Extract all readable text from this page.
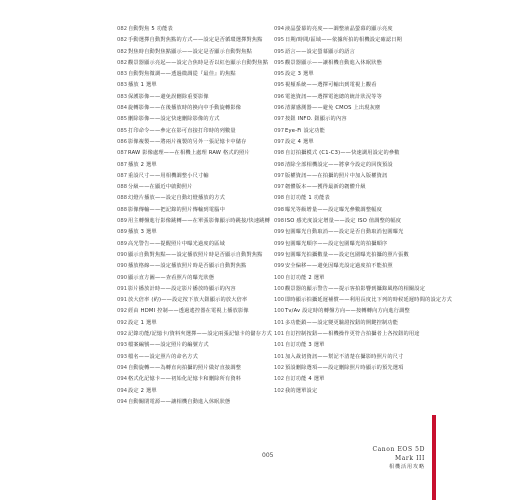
082 自動對焦 5 功能表
082 手動選擇自動對焦點的方式——設定是否循環選擇對焦點
082 對焦時自動對焦點顯示——設定是否顯示自動對焦點
082 觀景器顯示亮起——設定合焦時是否以紅色顯示自動對焦點
083 自動對焦微調——透過微調從『最佳』的焦點
083 播放 1 選單
083 保護影像——避免誤刪除重要影像
084 旋轉影像——在後播放時的換向中手動旋轉影像
085 刪除影像——設定快速刪除影像的方式
085 打印命令——參定在影可直接打印時的列數量
086 影像複製——將兩片複製的另外一張記憶卡中儲存
087 RAW 影像處理——在相機上處理 RAW 格式的照片
087 播放 2 選單
087 重設尺寸——用相機調整小尺寸輸
088 分級——在顯近中啟動照片
088 幻燈片播放——設定自動幻燈播放的方式
088 影像傳輸——把記錄的照片傳輸到電腦中
089 用主轉盤進行影像跳轉——在單張影像顯示時跳接/快速跳轉
089 播放 3 選單
089 高光警告——提醒照片中曝光過度的區域
090 顯示自動對焦點——設定播放照片時是否顯示自動對焦點
090 播放格線——設定播放照片時是否顯示自動對焦點
090 顯示直方圖——查看照片的曝光狀態
091 影片播放計時——設定影片播放時顯示的內容
091 放大倍率 (約)——設定按下放大鈕顯示的放大倍率
092 經由 HDMI 控制——透過遙控器在電視上播放影像
092 設定 1 選單
092 記錄功能/記憶卡/資料夾選擇——設定兩張記憶卡的儲存方式
093 檔案編號——設定照片的編號方式
093 檔名——設定照片的命名方式
094 自動旋轉——為轉直向拍攝的照片做好直接調整
094 格式化記憶卡——初始化記憶卡和刪除所有資料
094 設定 2 選單
094 自動關閉電源——讓相機自動進入休眠狀態
094 液晶螢幕的亮度——調整液晶螢幕的顯示亮度
095 日期/時間/區域——依據所拍的相機設定確認日期
095 語言——設定螢幕顯示的語言
095 觀景器顯示——讓相機自動進入休眠狀態
095 設定 3 選單
095 視頻系統——選擇可輸出到電視上觀看
096 電池資訊——選擇電池總的統計狀況等等
096 清潔感測器——避免 CMOS 上出現灰塵
097 按鈕 INFO. 鈕顯示的內容
097 Eye-Fi 設定功能
097 設定 4 選單
098 自訂拍攝模式 (C1-C3)——快速調用設定的參數
098 清除全部相機設定——將拿今設定的回復預設
097 版權資訊——在拍攝的照片中加入版權資訊
097 韌體版本——獲得最新的韌體升級
098 自訂功能 1 功能表
098 曝光等級增量——設定曝光參數調整幅度
098 ISO 感光度設定增量——設定 ISO 值調整的幅度
099 包圍曝光自動取消——設定是否自動取消包圍曝光
099 包圍曝光順序——設定包圍曝光的拍攝順序
099 包圍曝光拍攝數量——設定包圍曝光拍攝的照片張數
099 安全偏移——避免因曝光設定過度拍不能拍照
100 自訂功能 2 選單
100 觀景器的顯示警告——提示客拍影響到攝錄風格的相關設定
100 即時顯示拍攝延遲補償——利用長度比下列的時候延遲時間的設定方式
100 Tv/Av 設定時的轉盤方向——按轉轉向方向進行調整
101 多功能鎖——設定變更驗證按鈕的開鍵控制功能
101 自訂控制按鈕——相機操作更符合拍攝者上各按鈕的用途
101 自訂功能 3 選單
101 加入裁切資訊——幫記不清楚在攝影時照片的尺寸
102 預設刪除選項——設定刪除照片時顯示的預先選項
102 自訂功能 4 選單
102 我的選單設定
005
Canon EOS 5D Mark III
相機活用攻略
